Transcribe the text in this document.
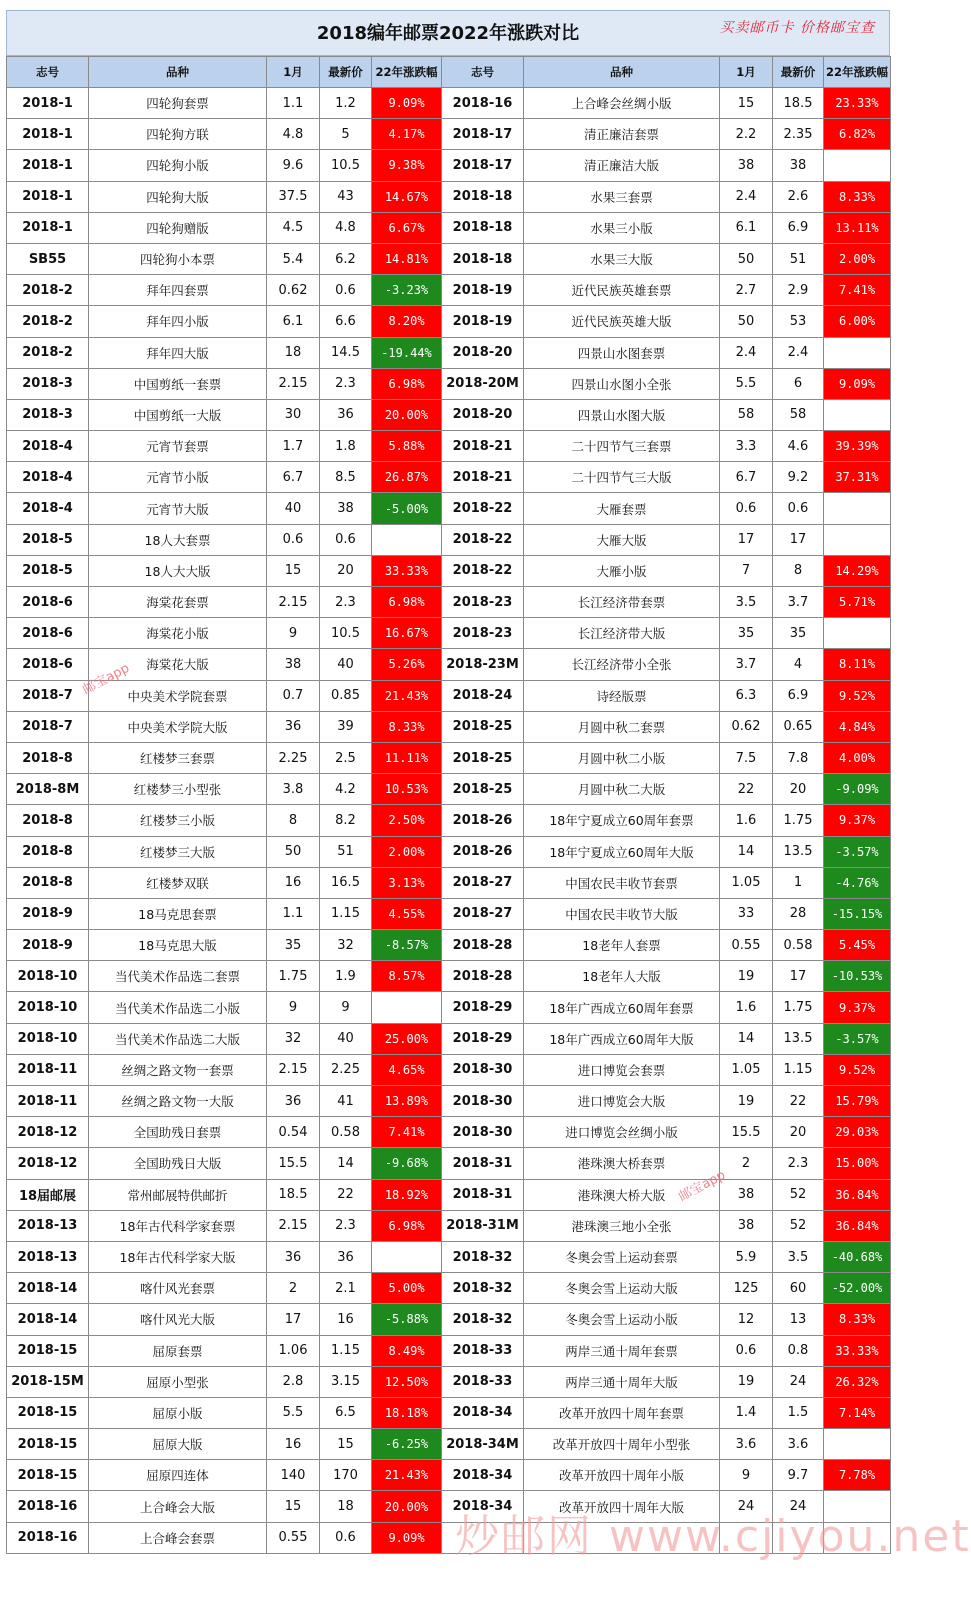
2018编年邮票2022年涨跌对比	买卖邮币卡 价格邮宝查
志号	品种	1月	最新价	22年涨跌幅	志号	品种	1月	最新价	22年涨跌幅
2018-1	四轮狗套票	1.1	1.2	9.09%	2018-16	上合峰会丝绸小版	15	18.5	23.33%
2018-1	四轮狗方联	4.8	5	4.17%	2018-17	清正廉洁套票	2.2	2.35	6.82%
2018-1	四轮狗小版	9.6	10.5	9.38%	2018-17	清正廉洁大版	38	38	
2018-1	四轮狗大版	37.5	43	14.67%	2018-18	水果三套票	2.4	2.6	8.33%
2018-1	四轮狗赠版	4.5	4.8	6.67%	2018-18	水果三小版	6.1	6.9	13.11%
SB55	四轮狗小本票	5.4	6.2	14.81%	2018-18	水果三大版	50	51	2.00%
2018-2	拜年四套票	0.62	0.6	-3.23%	2018-19	近代民族英雄套票	2.7	2.9	7.41%
2018-2	拜年四小版	6.1	6.6	8.20%	2018-19	近代民族英雄大版	50	53	6.00%
2018-2	拜年四大版	18	14.5	-19.44%	2018-20	四景山水图套票	2.4	2.4	
2018-3	中国剪纸一套票	2.15	2.3	6.98%	2018-20M	四景山水图小全张	5.5	6	9.09%
2018-3	中国剪纸一大版	30	36	20.00%	2018-20	四景山水图大版	58	58	
2018-4	元宵节套票	1.7	1.8	5.88%	2018-21	二十四节气三套票	3.3	4.6	39.39%
2018-4	元宵节小版	6.7	8.5	26.87%	2018-21	二十四节气三大版	6.7	9.2	37.31%
2018-4	元宵节大版	40	38	-5.00%	2018-22	大雁套票	0.6	0.6	
2018-5	18人大套票	0.6	0.6		2018-22	大雁大版	17	17	
2018-5	18人大大版	15	20	33.33%	2018-22	大雁小版	7	8	14.29%
2018-6	海棠花套票	2.15	2.3	6.98%	2018-23	长江经济带套票	3.5	3.7	5.71%
2018-6	海棠花小版	9	10.5	16.67%	2018-23	长江经济带大版	35	35	
2018-6	海棠花大版	38	40	5.26%	2018-23M	长江经济带小全张	3.7	4	8.11%
2018-7	中央美术学院套票	0.7	0.85	21.43%	2018-24	诗经版票	6.3	6.9	9.52%
2018-7	中央美术学院大版	36	39	8.33%	2018-25	月圆中秋二套票	0.62	0.65	4.84%
2018-8	红楼梦三套票	2.25	2.5	11.11%	2018-25	月圆中秋二小版	7.5	7.8	4.00%
2018-8M	红楼梦三小型张	3.8	4.2	10.53%	2018-25	月圆中秋二大版	22	20	-9.09%
2018-8	红楼梦三小版	8	8.2	2.50%	2018-26	18年宁夏成立60周年套票	1.6	1.75	9.37%
2018-8	红楼梦三大版	50	51	2.00%	2018-26	18年宁夏成立60周年大版	14	13.5	-3.57%
2018-8	红楼梦双联	16	16.5	3.13%	2018-27	中国农民丰收节套票	1.05	1	-4.76%
2018-9	18马克思套票	1.1	1.15	4.55%	2018-27	中国农民丰收节大版	33	28	-15.15%
2018-9	18马克思大版	35	32	-8.57%	2018-28	18老年人套票	0.55	0.58	5.45%
2018-10	当代美术作品选二套票	1.75	1.9	8.57%	2018-28	18老年人大版	19	17	-10.53%
2018-10	当代美术作品选二小版	9	9		2018-29	18年广西成立60周年套票	1.6	1.75	9.37%
2018-10	当代美术作品选二大版	32	40	25.00%	2018-29	18年广西成立60周年大版	14	13.5	-3.57%
2018-11	丝绸之路文物一套票	2.15	2.25	4.65%	2018-30	进口博览会套票	1.05	1.15	9.52%
2018-11	丝绸之路文物一大版	36	41	13.89%	2018-30	进口博览会大版	19	22	15.79%
2018-12	全国助残日套票	0.54	0.58	7.41%	2018-30	进口博览会丝绸小版	15.5	20	29.03%
2018-12	全国助残日大版	15.5	14	-9.68%	2018-31	港珠澳大桥套票	2	2.3	15.00%
18届邮展	常州邮展特供邮折	18.5	22	18.92%	2018-31	港珠澳大桥大版	38	52	36.84%
2018-13	18年古代科学家套票	2.15	2.3	6.98%	2018-31M	港珠澳三地小全张	38	52	36.84%
2018-13	18年古代科学家大版	36	36		2018-32	冬奥会雪上运动套票	5.9	3.5	-40.68%
2018-14	喀什风光套票	2	2.1	5.00%	2018-32	冬奥会雪上运动大版	125	60	-52.00%
2018-14	喀什风光大版	17	16	-5.88%	2018-32	冬奥会雪上运动小版	12	13	8.33%
2018-15	屈原套票	1.06	1.15	8.49%	2018-33	两岸三通十周年套票	0.6	0.8	33.33%
2018-15M	屈原小型张	2.8	3.15	12.50%	2018-33	两岸三通十周年大版	19	24	26.32%
2018-15	屈原小版	5.5	6.5	18.18%	2018-34	改革开放四十周年套票	1.4	1.5	7.14%
2018-15	屈原大版	16	15	-6.25%	2018-34M	改革开放四十周年小型张	3.6	3.6	
2018-15	屈原四连体	140	170	21.43%	2018-34	改革开放四十周年小版	9	9.7	7.78%
2018-16	上合峰会大版	15	18	20.00%	2018-34	改革开放四十周年大版	24	24	
2018-16	上合峰会套票	0.55	0.6	9.09%					
邮宝app
邮宝app
炒邮网 www.cjiyou.net
